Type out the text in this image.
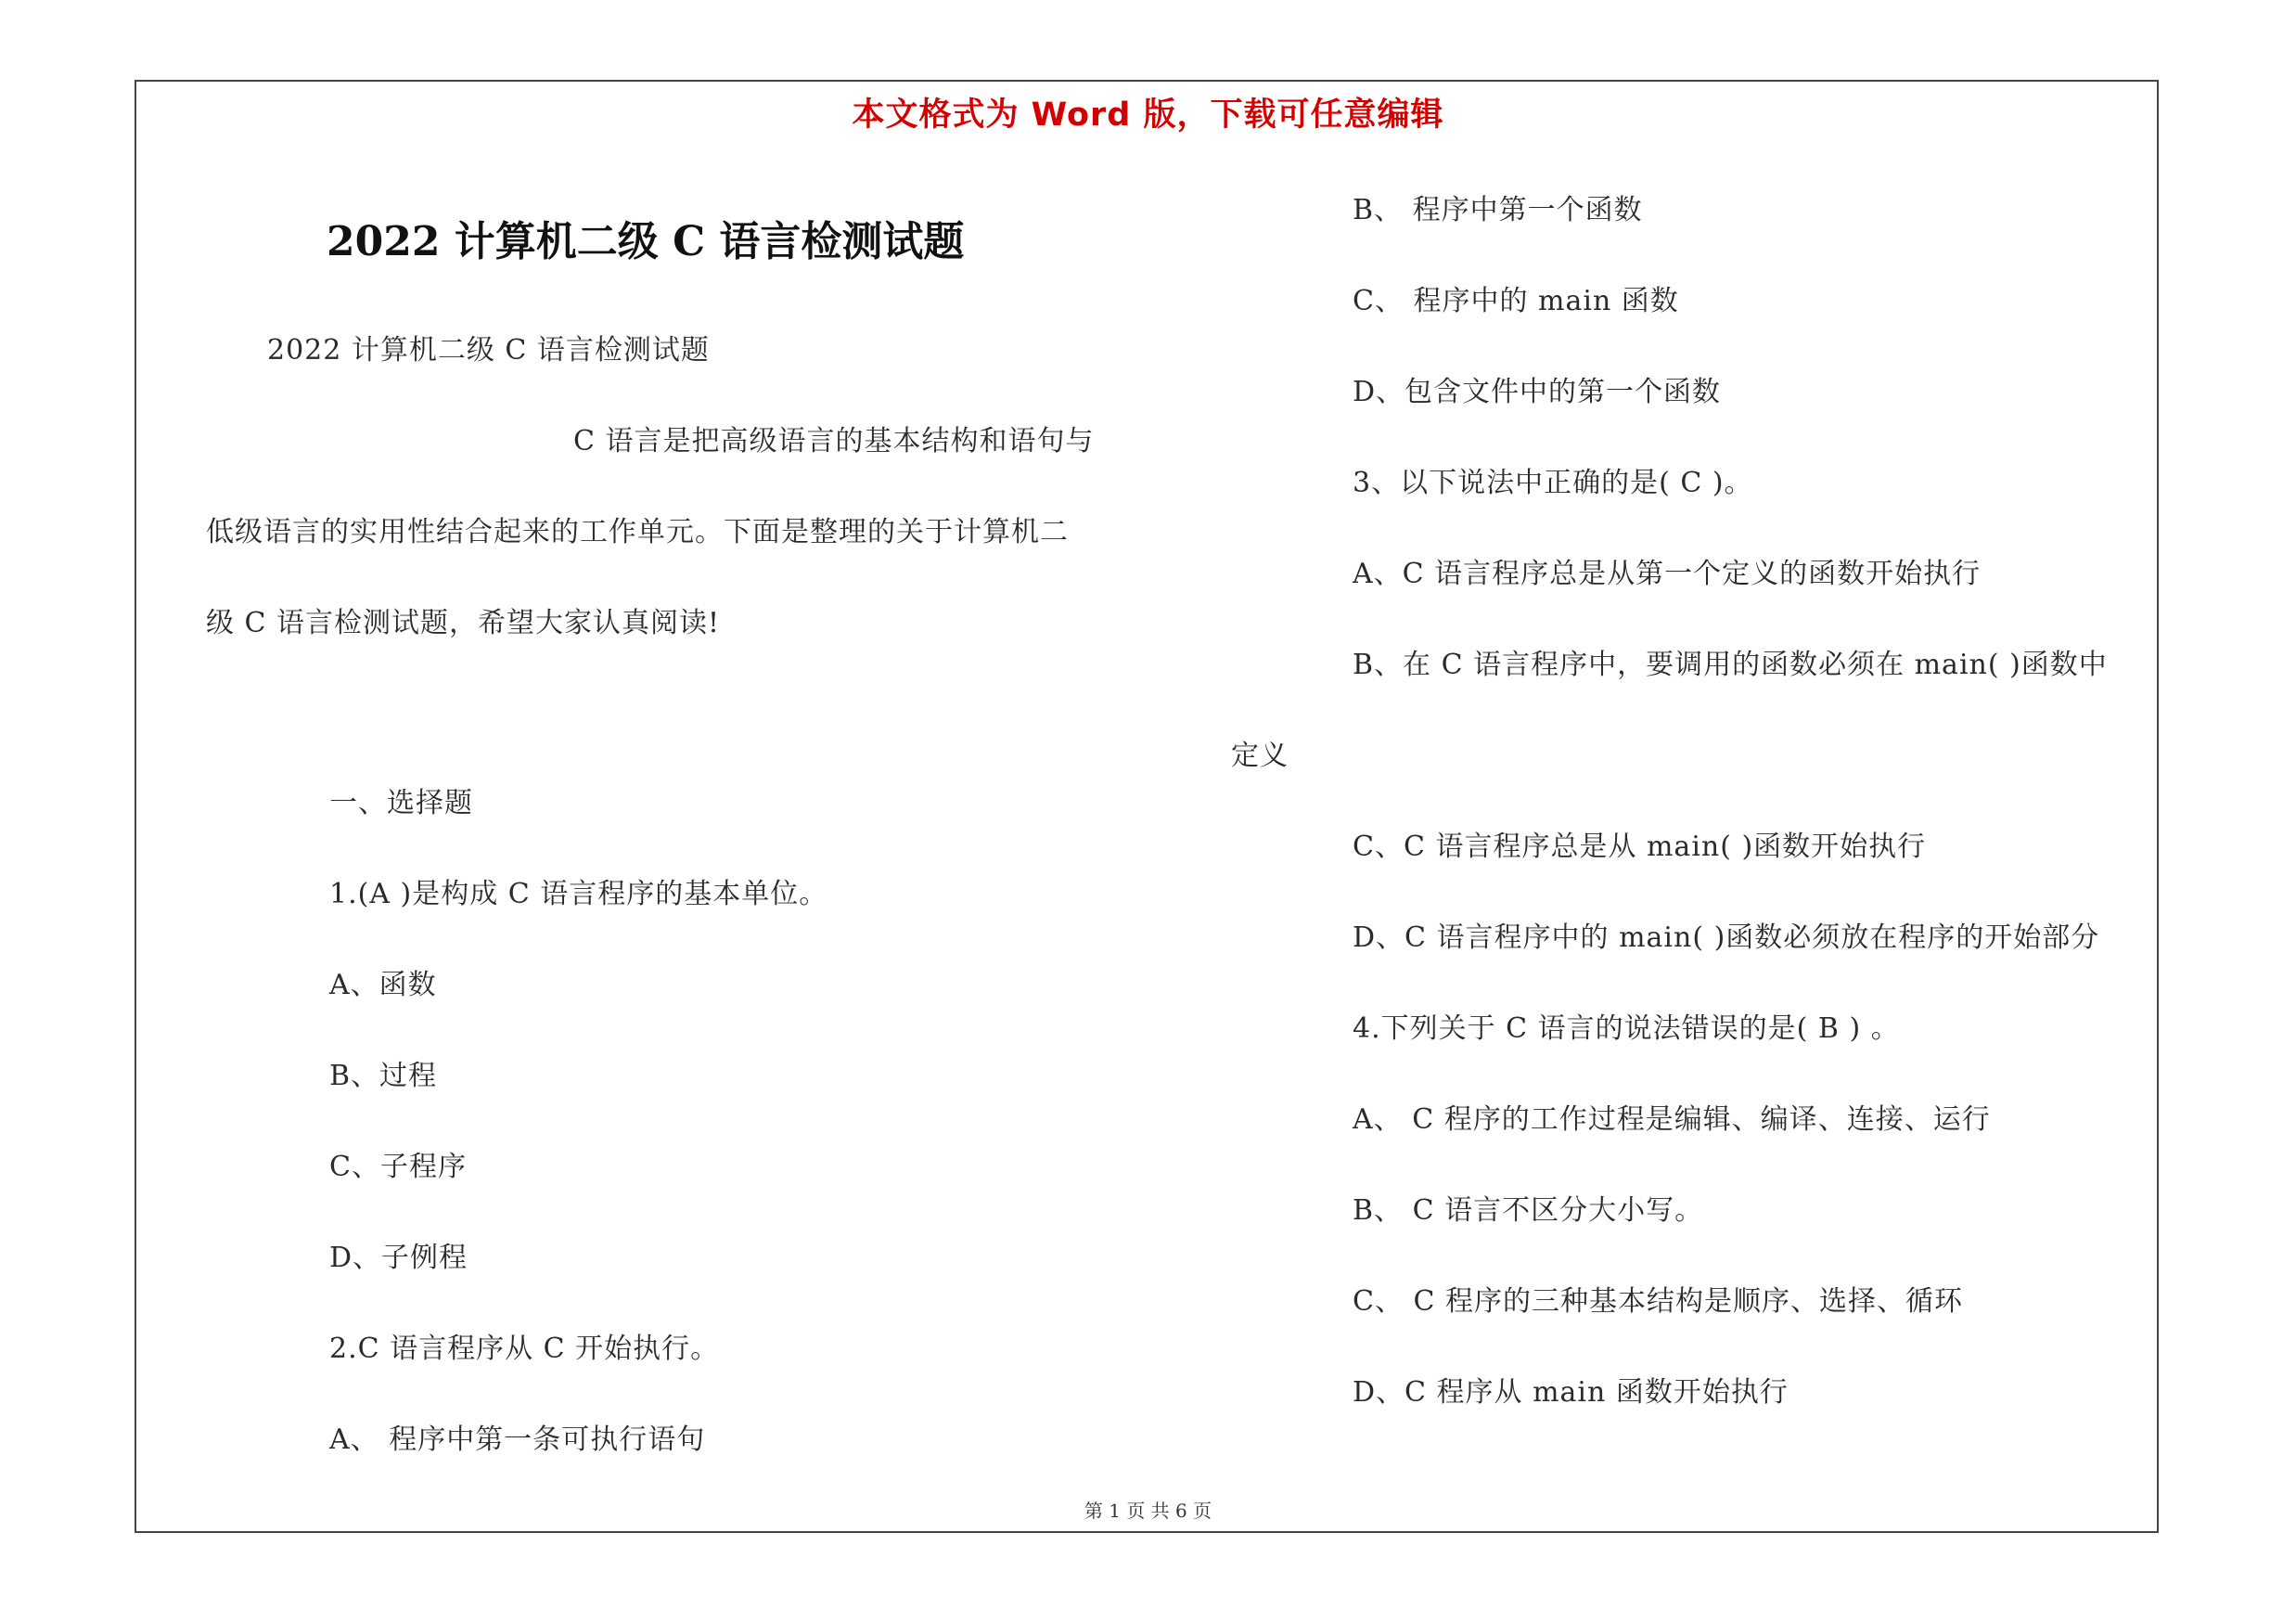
本文格式为 Word 版，下载可任意编辑
2022 计算机二级 C 语言检测试题
2022 计算机二级 C 语言检测试题
C 语言是把高级语言的基本结构和语句与
低级语言的实用性结合起来的工作单元。下面是整理的关于计算机二
级 C 语言检测试题，希望大家认真阅读!
一、选择题
1.(A )是构成 C 语言程序的基本单位。
A、函数
B、过程
C、子程序
D、子例程
2.C 语言程序从 C 开始执行。
A、 程序中第一条可执行语句
B、 程序中第一个函数
C、 程序中的 main 函数
D、包含文件中的第一个函数
3、以下说法中正确的是( C )。
A、C 语言程序总是从第一个定义的函数开始执行
B、在 C 语言程序中，要调用的函数必须在 main( )函数中
定义
C、C 语言程序总是从 main( )函数开始执行
D、C 语言程序中的 main( )函数必须放在程序的开始部分
4.下列关于 C 语言的说法错误的是( B ) 。
A、 C 程序的工作过程是编辑、编译、连接、运行
B、 C 语言不区分大小写。
C、 C 程序的三种基本结构是顺序、选择、循环
D、C 程序从 main 函数开始执行
第 1 页 共 6 页
